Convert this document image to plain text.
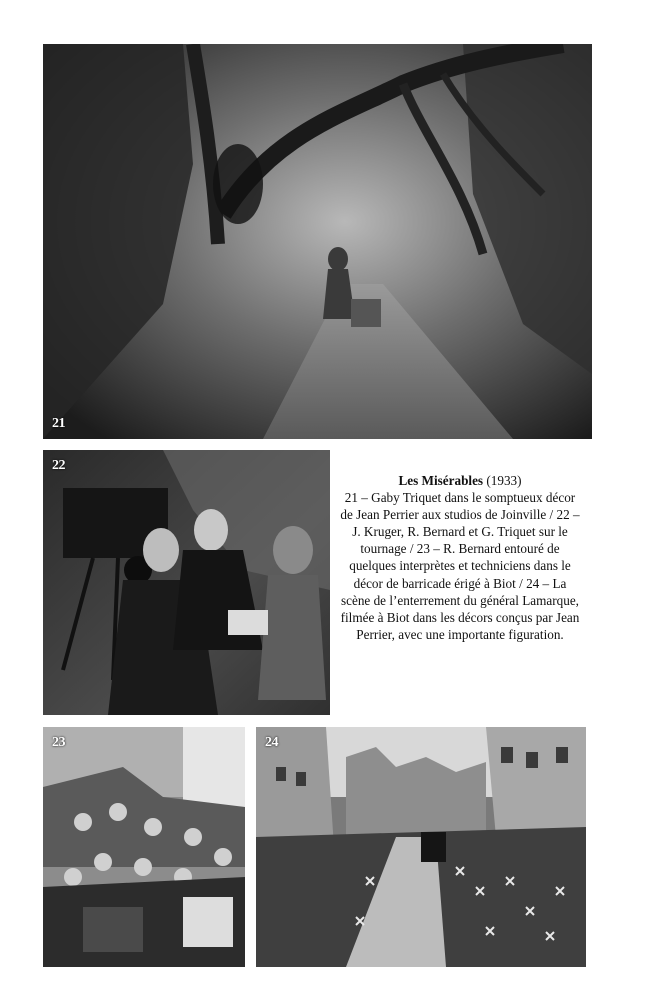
21
22
Les Misérables (1933)
21 – Gaby Triquet dans le somptueux décor de Jean Perrier aux studios de Joinville / 22 – J. Kruger, R. Bernard et G. Triquet sur le tournage / 23 – R. Bernard entouré de quelques interprètes et techniciens dans le décor de barricade érigé à Biot / 24 – La scène de l’enterrement du général Lamarque, filmée à Biot dans les décors conçus par Jean Perrier, avec une importante figuration.
23	24
